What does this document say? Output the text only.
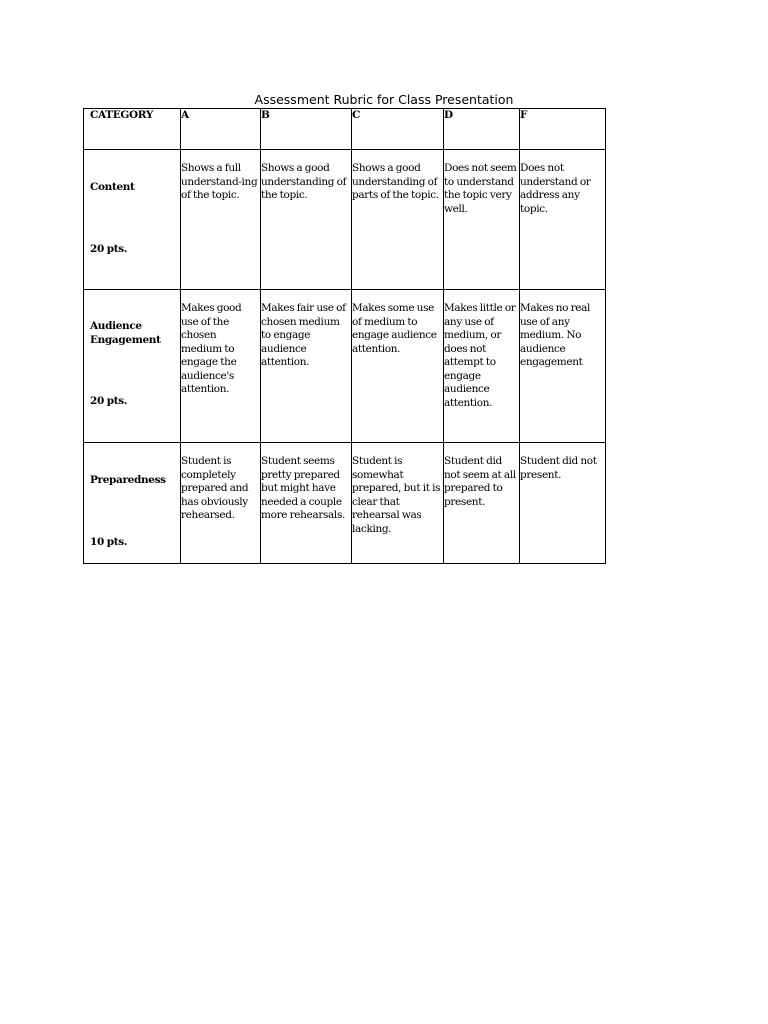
Assessment Rubric for Class Presentation
CATEGORY	A	B	C	D	F

Content
20 pts.	Shows a full understand-ing of the topic.	Shows a good understanding of the topic.	Shows a good understanding of parts of the topic.	Does not seem to understand the topic very well.	Does not understand or address any topic.

Audience Engagement
20 pts.	Makes good use of the chosen medium to engage the audience's attention.	Makes fair use of chosen medium to engage audience attention.	Makes some use of medium to engage audience attention.	Makes little or any use of medium, or does not attempt to engage audience attention.	Makes no real use of any medium. No audience engagement

Preparedness
10 pts.	Student is completely prepared and has obviously rehearsed.	Student seems pretty prepared but might have needed a couple more rehearsals.	Student is somewhat prepared, but it is clear that rehearsal was lacking.	Student did not seem at all prepared to present.	Student did not present.
